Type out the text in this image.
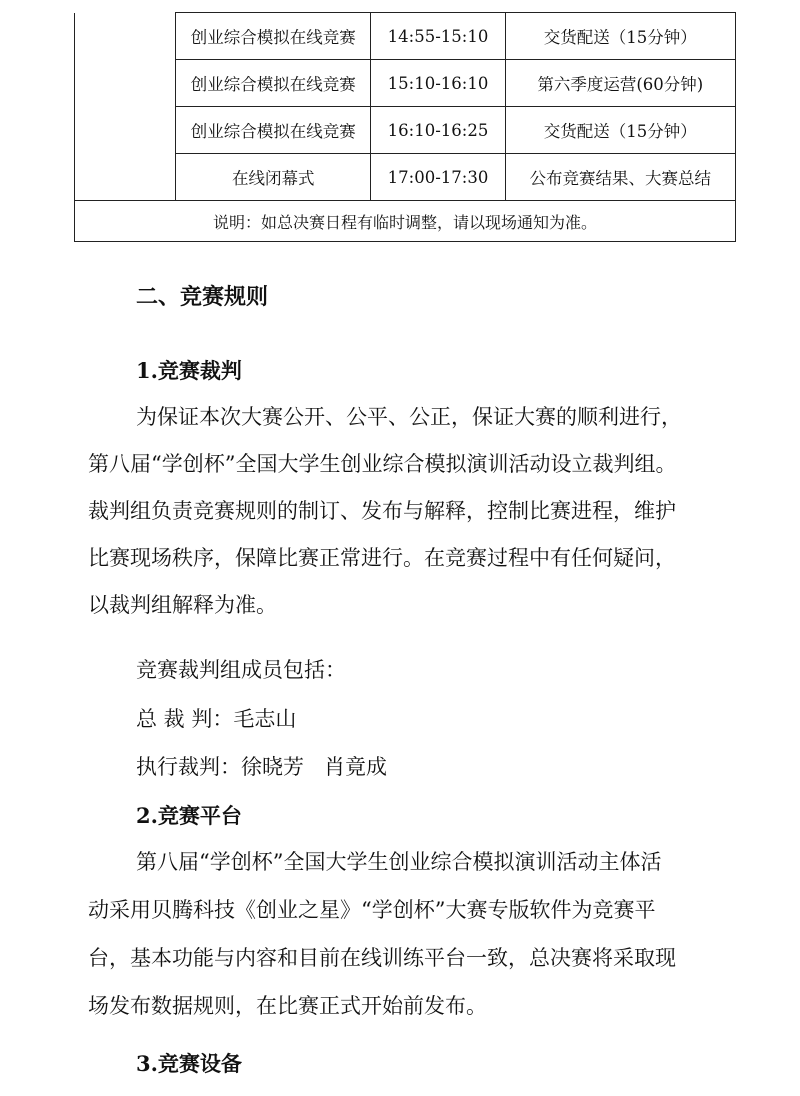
	创业综合模拟在线竞赛	14:55-15:10	交货配送（15分钟）
	创业综合模拟在线竞赛	15:10-16:10	第六季度运营(60分钟)
	创业综合模拟在线竞赛	16:10-16:25	交货配送（15分钟）
	在线闭幕式	17:00-17:30	公布竞赛结果、大赛总结
说明：如总决赛日程有临时调整，请以现场通知为准。			
二、竞赛规则
1.竞赛裁判
为保证本次大赛公开、公平、公正，保证大赛的顺利进行，
第八届“学创杯”全国大学生创业综合模拟演训活动设立裁判组。
裁判组负责竞赛规则的制订、发布与解释，控制比赛进程，维护
比赛现场秩序，保障比赛正常进行。在竞赛过程中有任何疑问，
以裁判组解释为准。
竞赛裁判组成员包括：
总 裁 判：毛志山
执行裁判：徐晓芳   肖竟成
2.竞赛平台
第八届“学创杯”全国大学生创业综合模拟演训活动主体活
动采用贝腾科技《创业之星》“学创杯”大赛专版软件为竞赛平
台，基本功能与内容和目前在线训练平台一致，总决赛将采取现
场发布数据规则，在比赛正式开始前发布。
3.竞赛设备
